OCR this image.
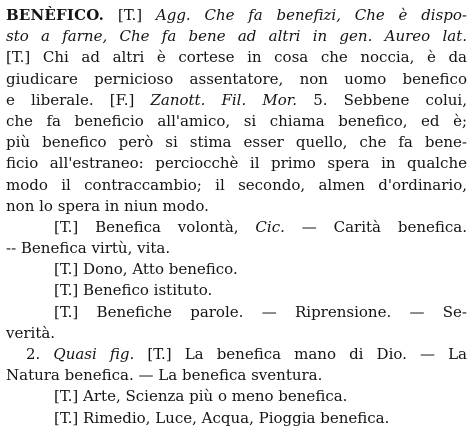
BENÈFICO. [T.] Agg. Che fa benefizi, Che è dispo-
sto a farne, Che fa bene ad altri in gen. Aureo lat.
[T.] Chi ad altri è cortese in cosa che noccia, è da
giudicare pernicioso assentatore, non uomo benefico
e liberale. [F.] Zanott. Fil. Mor. 5. Sebbene colui,
che fa beneficio all'amico, si chiama benefico, ed è;
più benefico però si stima esser quello, che fa bene-
ficio all'estraneo: perciocchè il primo spera in qualche
modo il contraccambio; il secondo, almen d'ordinario,
non lo spera in niun modo.
[T.] Benefica volontà, Cic. — Carità benefica.
-- Benefica virtù, vita.
[T.] Dono, Atto benefico.
[T.] Benefico istituto.
[T.] Benefiche parole. — Riprensione. — Se-
verità.
2. Quasi fig. [T.] La benefica mano di Dio. — La
Natura benefica. — La benefica sventura.
[T.] Arte, Scienza più o meno benefica.
[T.] Rimedio, Luce, Acqua, Pioggia benefica.
